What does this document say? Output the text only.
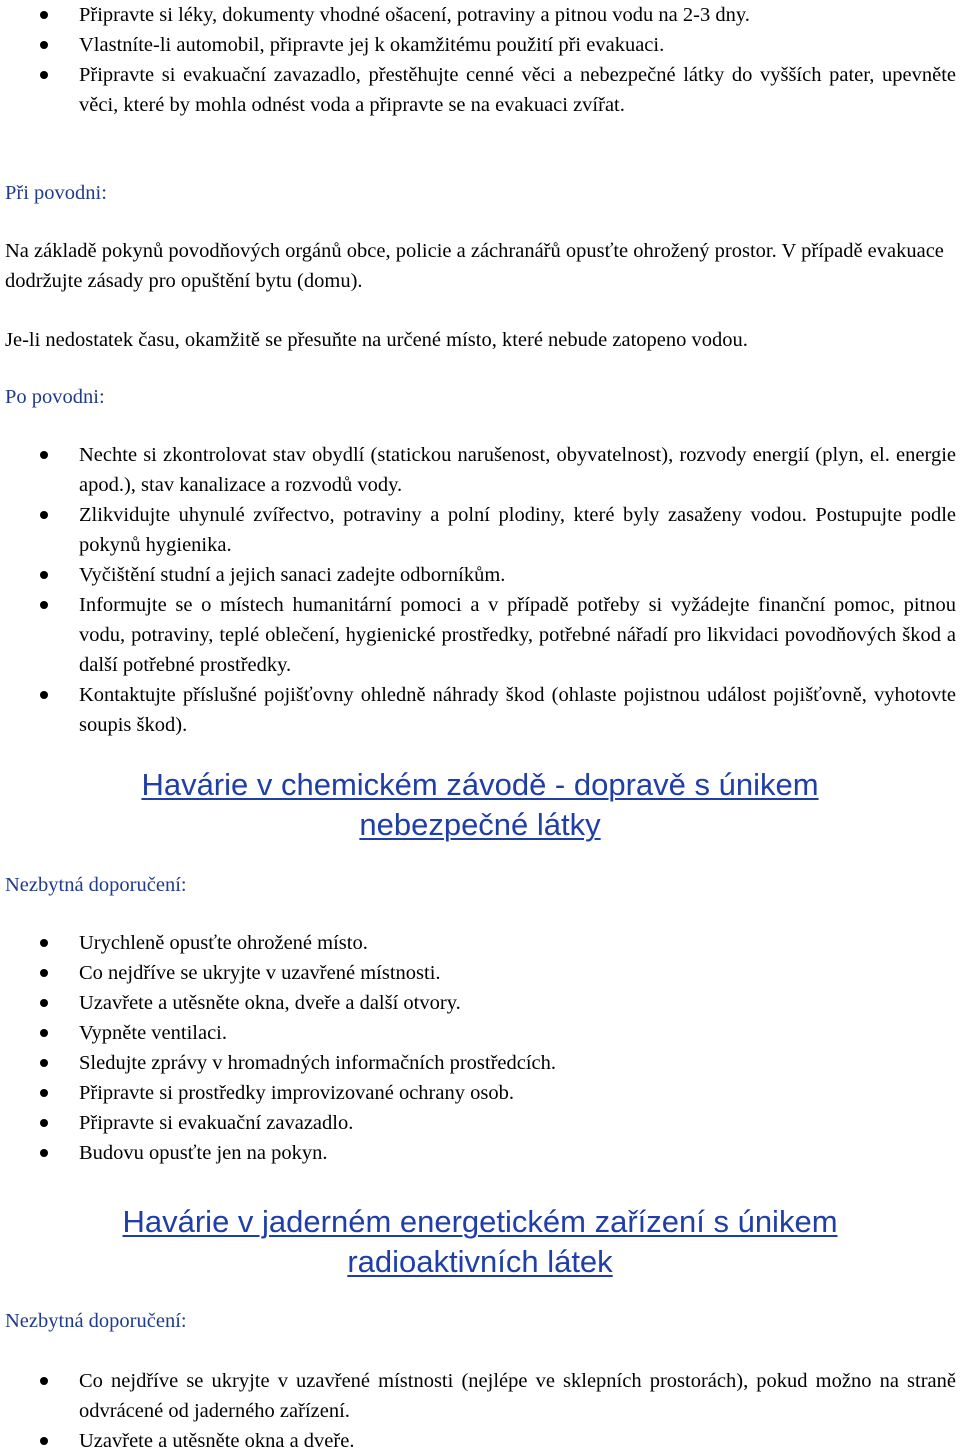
Připravte si léky, dokumenty vhodné ošacení, potraviny a pitnou vodu na 2-3 dny.
Vlastníte-li automobil, připravte jej k okamžitému použití při evakuaci.
Připravte si evakuační zavazadlo, přestěhujte cenné věci a nebezpečné látky do vyšších pater, upevněte věci, které by mohla odnést voda a připravte se na evakuaci zvířat.
Při povodni:

Na základě pokynů povodňových orgánů obce, policie a záchranářů opusťte ohrožený prostor. V případě evakuace dodržujte zásady pro opuštění bytu (domu).

Je-li nedostatek času, okamžitě se přesuňte na určené místo, které nebude zatopeno vodou.

Po povodni:
Nechte si zkontrolovat stav obydlí (statickou narušenost, obyvatelnost), rozvody energií (plyn, el. energie apod.), stav kanalizace a rozvodů vody.
Zlikvidujte uhynulé zvířectvo, potraviny a polní plodiny, které byly zasaženy vodou. Postupujte podle pokynů hygienika.
Vyčištění studní a jejich sanaci zadejte odborníkům.
Informujte se o místech humanitární pomoci a v případě potřeby si vyžádejte finanční pomoc, pitnou vodu, potraviny, teplé oblečení, hygienické prostředky, potřebné nářadí pro likvidaci povodňových škod a další potřebné prostředky.
Kontaktujte příslušné pojišťovny ohledně náhrady škod (ohlaste pojistnou událost pojišťovně, vyhotovte soupis škod).
Havárie v chemickém závodě - dopravě s únikem
nebezpečné látky
Nezbytná doporučení:
Urychleně opusťte ohrožené místo.
Co nejdříve se ukryjte v uzavřené místnosti.
Uzavřete a utěsněte okna, dveře a další otvory.
Vypněte ventilaci.
Sledujte zprávy v hromadných informačních prostředcích.
Připravte si prostředky improvizované ochrany osob.
Připravte si evakuační zavazadlo.
Budovu opusťte jen na pokyn.
Havárie v jaderném energetickém zařízení s únikem
radioaktivních látek
Nezbytná doporučení:
Co nejdříve se ukryjte v uzavřené místnosti (nejlépe ve sklepních prostorách), pokud možno na straně odvrácené od jaderného zařízení.
Uzavřete a utěsněte okna a dveře.
